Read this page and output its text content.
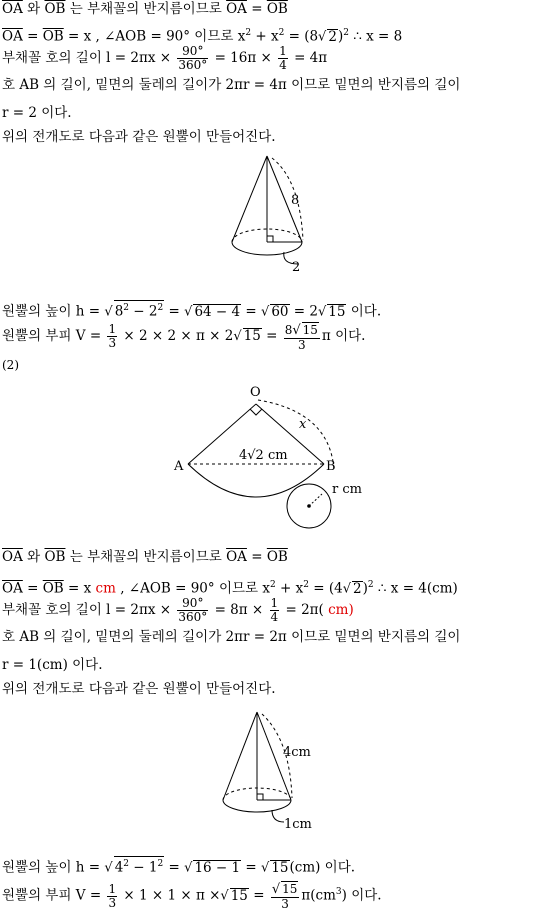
$\overline{OA}$ 와 $\overline{OB}$ 는 부채꼴의 반지름이므로 $\overline{OA} = \overline{OB}$
$\overline{OA} = \overline{OB} = x$ , ∠AOB = 90° 이므로 $x^2 + x^2 = (8√$ 2)$^2$ ∴ x = 8
부채꼴 호의 길이 $l = 2\pi x \times \frac{90^\circ}{360^\circ} = 16\pi \times \frac{1}{4} = 4\pi$
호 AB 의 길이, 밑면의 둘레의 길이가 2πr = 4π 이므로 밑면의 반지름의 길이
r = 2 이다.
위의 전개도로 다음과 같은 원뿔이 만들어진다.
8
2
원뿔의 높이 h = √ $8^2 - 2^2$ = √ 64 − 4 = √ 60 = 2√ 15 이다.
원뿔의 부피 $V = \frac{1}{3} \times 2 \times 2 \times \pi \times 2√$ $15 = \frac{8√ 15}{3}$ π 이다.
(2)
O
A	B
x
4√2 cm
r cm
$\overline{OA}$ 와 $\overline{OB}$ 는 부채꼴의 반지름이므로 $\overline{OA} = \overline{OB}$
$\overline{OA} = \overline{OB} = x$ cm , ∠AOB = 90° 이므로 $x^2 + x^2 = (4√$ 2)$^2$ ∴ x = 4(cm)
부채꼴 호의 길이 $l = 2\pi x \times \frac{90^\circ}{360^\circ} = 8\pi \times \frac{1}{4} = 2\pi$( cm)
호 AB 의 길이, 밑면의 둘레의 길이가 2πr = 2π 이므로 밑면의 반지름의 길이
r = 1(cm) 이다.
위의 전개도로 다음과 같은 원뿔이 만들어진다.
4cm
1cm
원뿔의 높이 h = √ $4^2 - 1^2$ = √ 16 − 1 = √ 15(cm) 이다.
원뿔의 부피 $V = \frac{1}{3} \times 1 \times 1 \times \pi$ ×√ $15 = \frac{√ 15}{3} \pi(cm^3)$ 이다.
